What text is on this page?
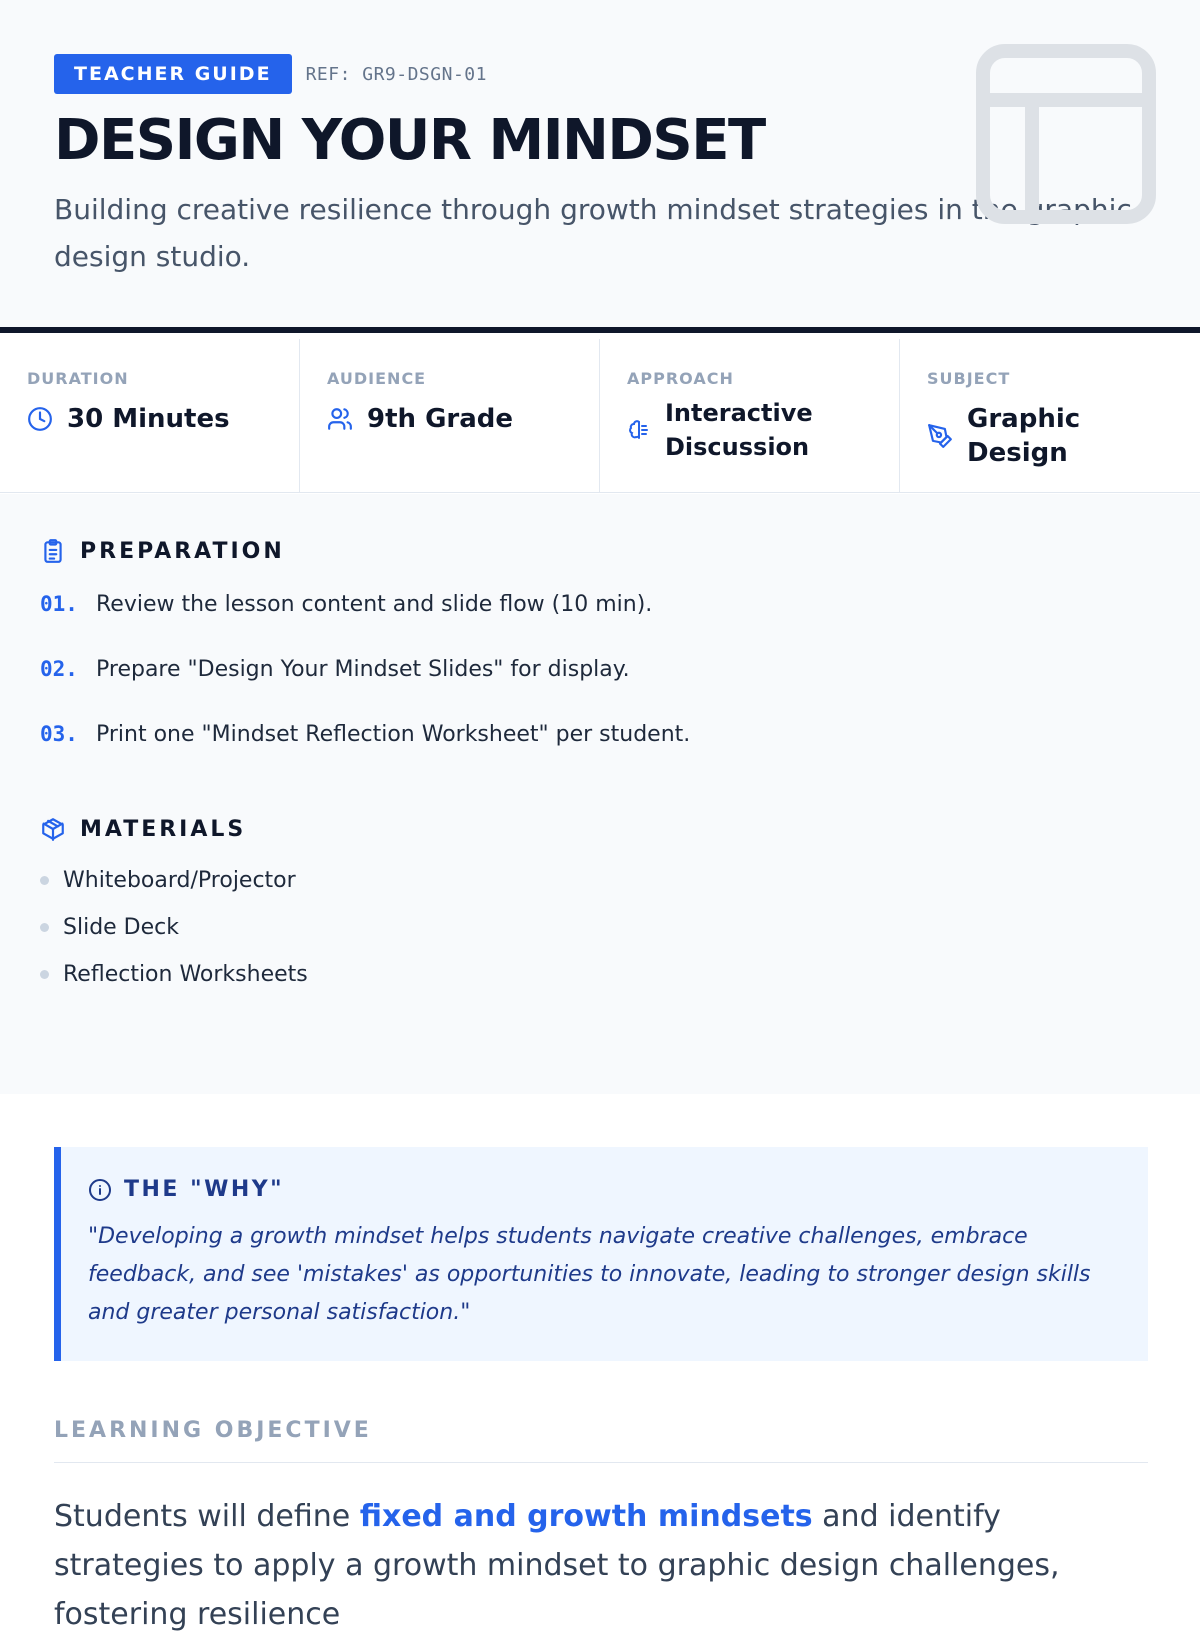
TEACHER GUIDE	REF: GR9-DSGN-01
DESIGN YOUR MINDSET

Building creative resilience through growth mindset strategies in the graphic design studio.

DURATION
30 Minutes
AUDIENCE
9th Grade
APPROACH
Interactive Discussion
SUBJECT
Graphic Design
PREPARATION
01. Review the lesson content and slide flow (10 min).
02. Prepare "Design Your Mindset Slides" for display.
03. Print one "Mindset Reflection Worksheet" per student.
MATERIALS
Whiteboard/Projector
Slide Deck
Reflection Worksheets
THE "WHY"

"Developing a growth mindset helps students navigate creative challenges, embrace feedback, and see 'mistakes' as opportunities to innovate, leading to stronger design skills and greater personal satisfaction."

LEARNING OBJECTIVE

Students will define fixed and growth mindsets and identify strategies to apply a growth mindset to graphic design challenges, fostering resilience
